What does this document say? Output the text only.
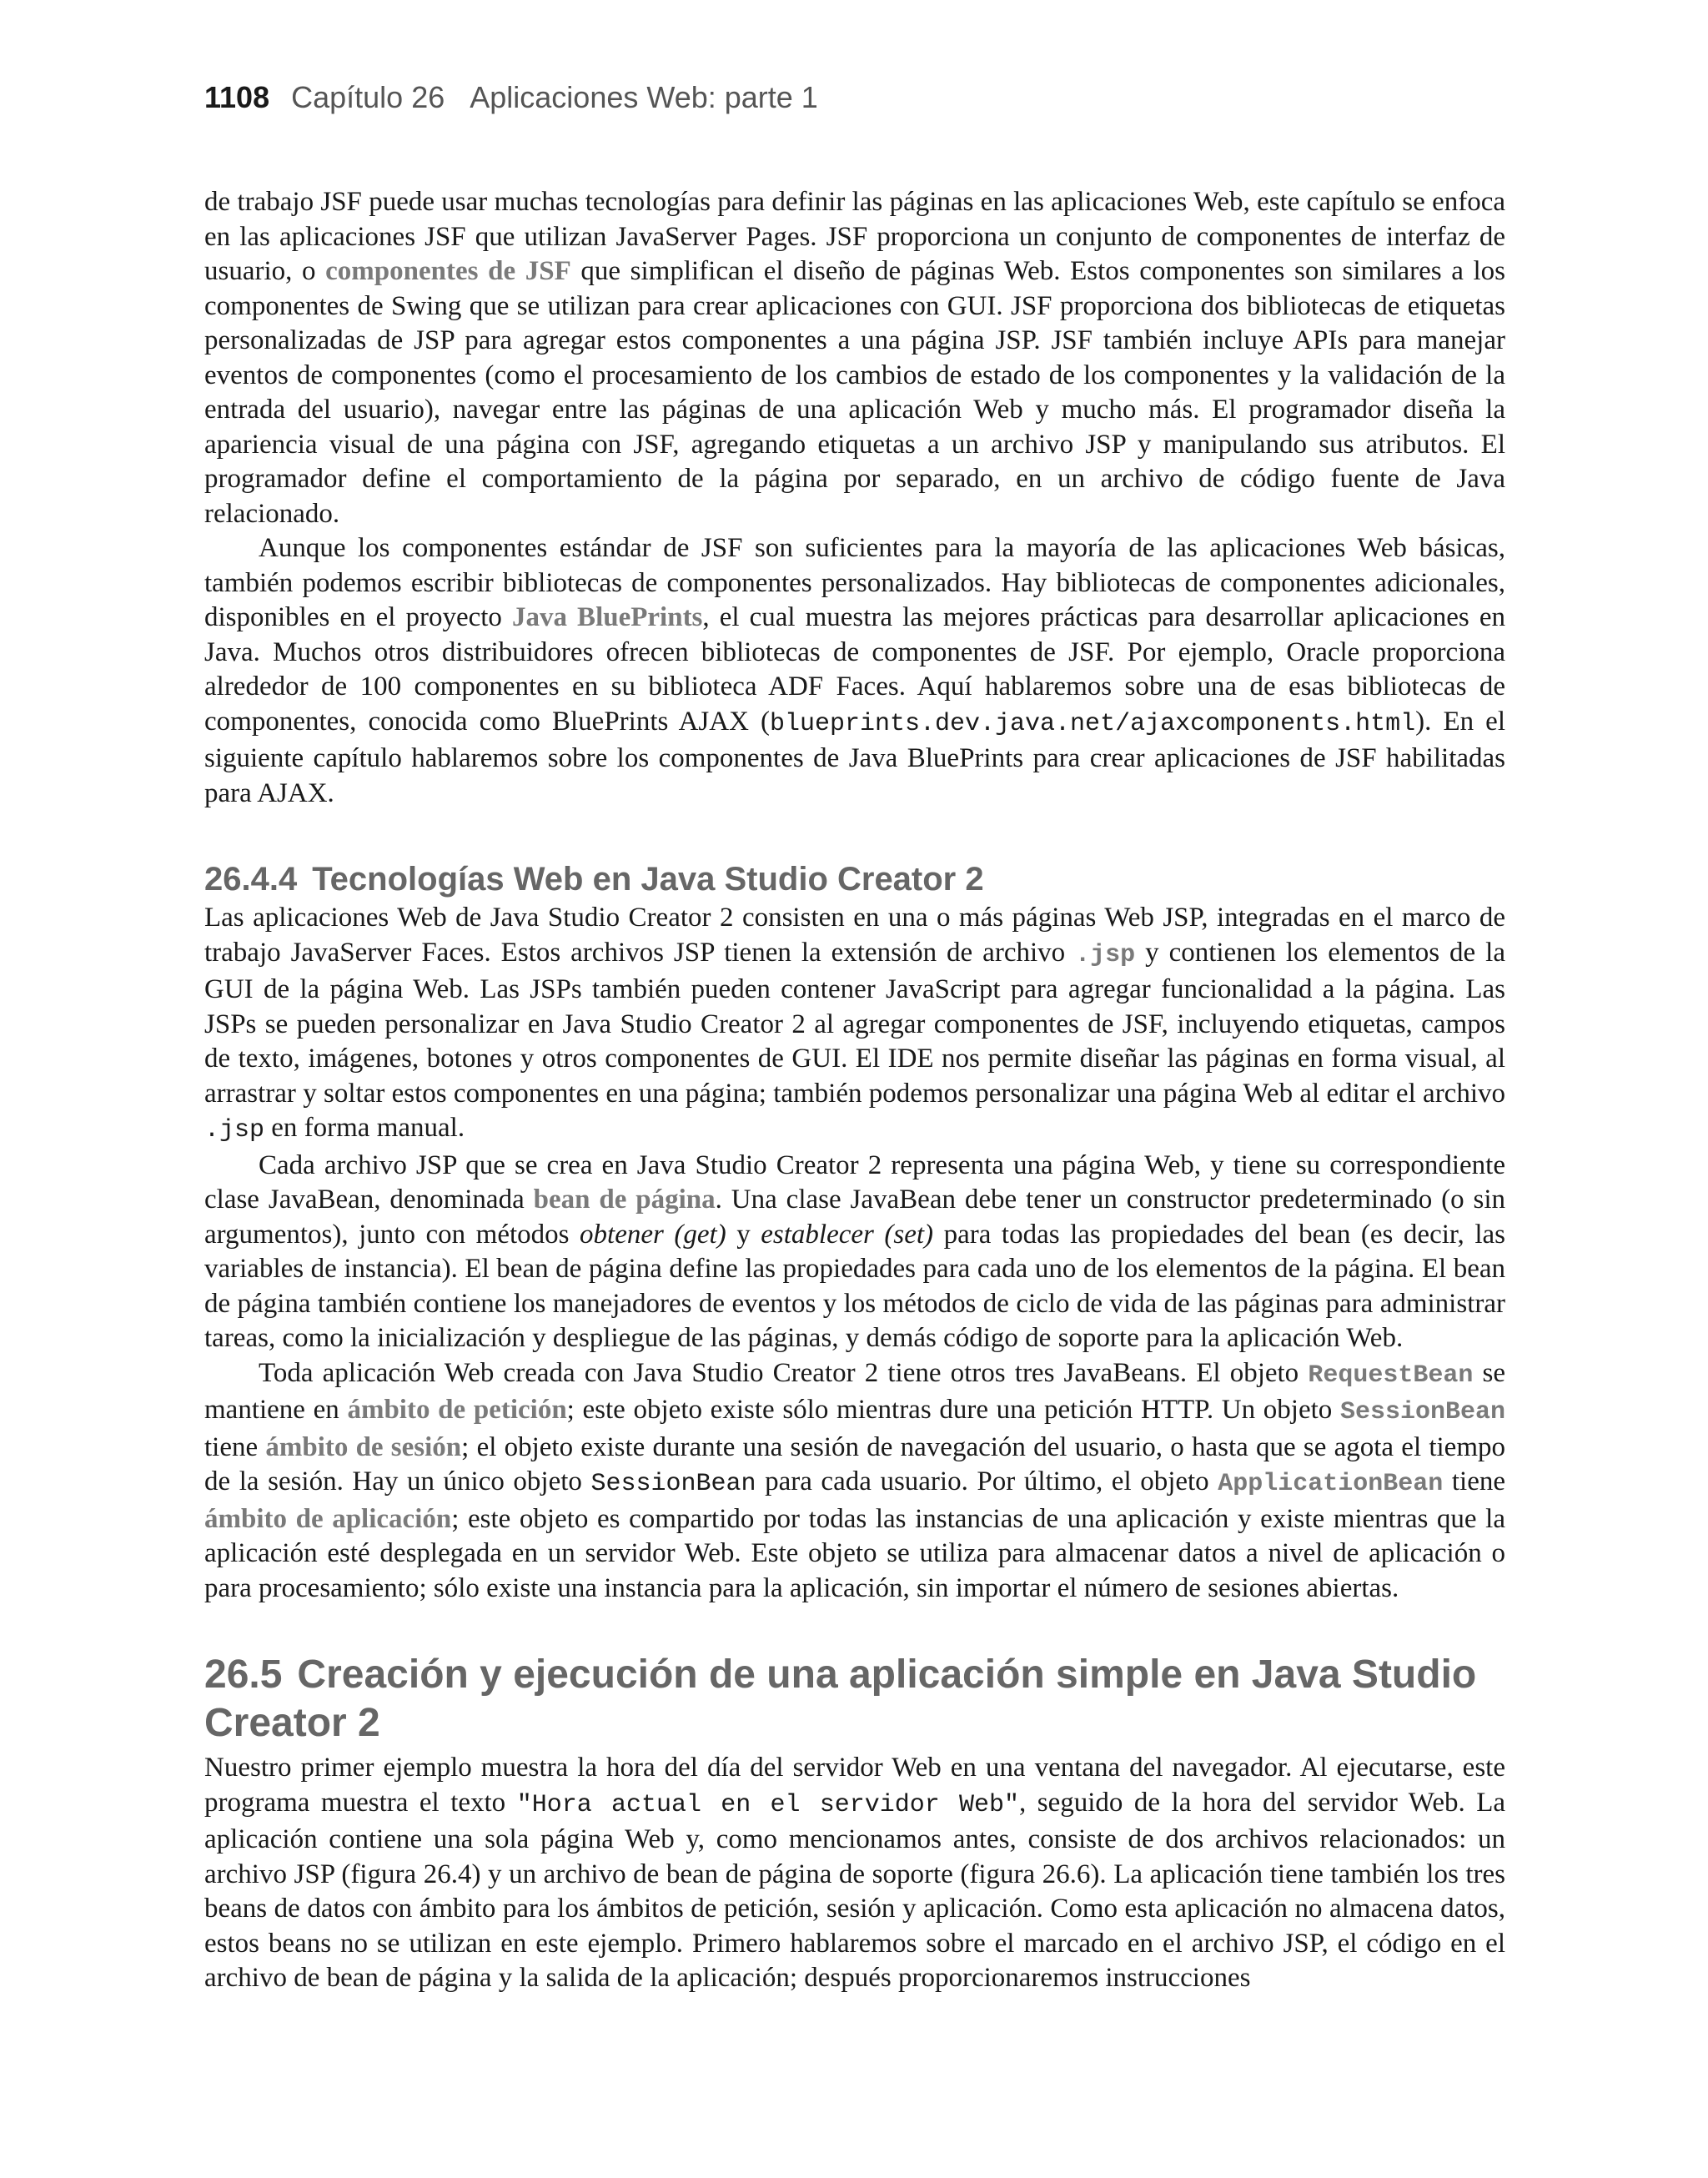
1108 Capítulo 26 Aplicaciones Web: parte 1

de trabajo JSF puede usar muchas tecnologías para definir las páginas en las aplicaciones Web, este capítulo se enfoca en las aplicaciones JSF que utilizan JavaServer Pages. JSF proporciona un conjunto de componentes de interfaz de usuario, o componentes de JSF que simplifican el diseño de páginas Web. Estos componentes son similares a los componentes de Swing que se utilizan para crear aplicaciones con GUI. JSF proporciona dos bibliotecas de etiquetas personalizadas de JSP para agregar estos componentes a una página JSP. JSF también incluye APIs para manejar eventos de componentes (como el procesamiento de los cambios de estado de los componentes y la validación de la entrada del usuario), navegar entre las páginas de una aplicación Web y mucho más. El programador diseña la apariencia visual de una página con JSF, agregando etiquetas a un archivo JSP y manipulando sus atributos. El programador define el comportamiento de la página por separado, en un archivo de código fuente de Java relacionado.

Aunque los componentes estándar de JSF son suficientes para la mayoría de las aplicaciones Web básicas, también podemos escribir bibliotecas de componentes personalizados. Hay bibliotecas de componentes adicionales, disponibles en el proyecto Java BluePrints, el cual muestra las mejores prácticas para desarrollar aplicaciones en Java. Muchos otros distribuidores ofrecen bibliotecas de componentes de JSF. Por ejemplo, Oracle proporciona alrededor de 100 componentes en su biblioteca ADF Faces. Aquí hablaremos sobre una de esas bibliotecas de componentes, conocida como BluePrints AJAX (blueprints.dev.java.net/ajaxcomponents.html). En el siguiente capítulo hablaremos sobre los componentes de Java BluePrints para crear aplicaciones de JSF habilitadas para AJAX.

26.4.4 Tecnologías Web en Java Studio Creator 2

Las aplicaciones Web de Java Studio Creator 2 consisten en una o más páginas Web JSP, integradas en el marco de trabajo JavaServer Faces. Estos archivos JSP tienen la extensión de archivo .jsp y contienen los elementos de la GUI de la página Web. Las JSPs también pueden contener JavaScript para agregar funcionalidad a la página. Las JSPs se pueden personalizar en Java Studio Creator 2 al agregar componentes de JSF, incluyendo etiquetas, campos de texto, imágenes, botones y otros componentes de GUI. El IDE nos permite diseñar las páginas en forma visual, al arrastrar y soltar estos componentes en una página; también podemos personalizar una página Web al editar el archivo .jsp en forma manual.

Cada archivo JSP que se crea en Java Studio Creator 2 representa una página Web, y tiene su correspondiente clase JavaBean, denominada bean de página. Una clase JavaBean debe tener un constructor predeterminado (o sin argumentos), junto con métodos obtener (get) y establecer (set) para todas las propiedades del bean (es decir, las variables de instancia). El bean de página define las propiedades para cada uno de los elementos de la página. El bean de página también contiene los manejadores de eventos y los métodos de ciclo de vida de las páginas para administrar tareas, como la inicialización y despliegue de las páginas, y demás código de soporte para la aplicación Web.

Toda aplicación Web creada con Java Studio Creator 2 tiene otros tres JavaBeans. El objeto RequestBean se mantiene en ámbito de petición; este objeto existe sólo mientras dure una petición HTTP. Un objeto SessionBean tiene ámbito de sesión; el objeto existe durante una sesión de navegación del usuario, o hasta que se agota el tiempo de la sesión. Hay un único objeto SessionBean para cada usuario. Por último, el objeto ApplicationBean tiene ámbito de aplicación; este objeto es compartido por todas las instancias de una aplicación y existe mientras que la aplicación esté desplegada en un servidor Web. Este objeto se utiliza para almacenar datos a nivel de aplicación o para procesamiento; sólo existe una instancia para la aplicación, sin importar el número de sesiones abiertas.

26.5 Creación y ejecución de una aplicación simple en Java Studio Creator 2

Nuestro primer ejemplo muestra la hora del día del servidor Web en una ventana del navegador. Al ejecutarse, este programa muestra el texto "Hora actual en el servidor Web", seguido de la hora del servidor Web. La aplicación contiene una sola página Web y, como mencionamos antes, consiste de dos archivos relacionados: un archivo JSP (figura 26.4) y un archivo de bean de página de soporte (figura 26.6). La aplicación tiene también los tres beans de datos con ámbito para los ámbitos de petición, sesión y aplicación. Como esta aplicación no almacena datos, estos beans no se utilizan en este ejemplo. Primero hablaremos sobre el marcado en el archivo JSP, el código en el archivo de bean de página y la salida de la aplicación; después proporcionaremos instrucciones
